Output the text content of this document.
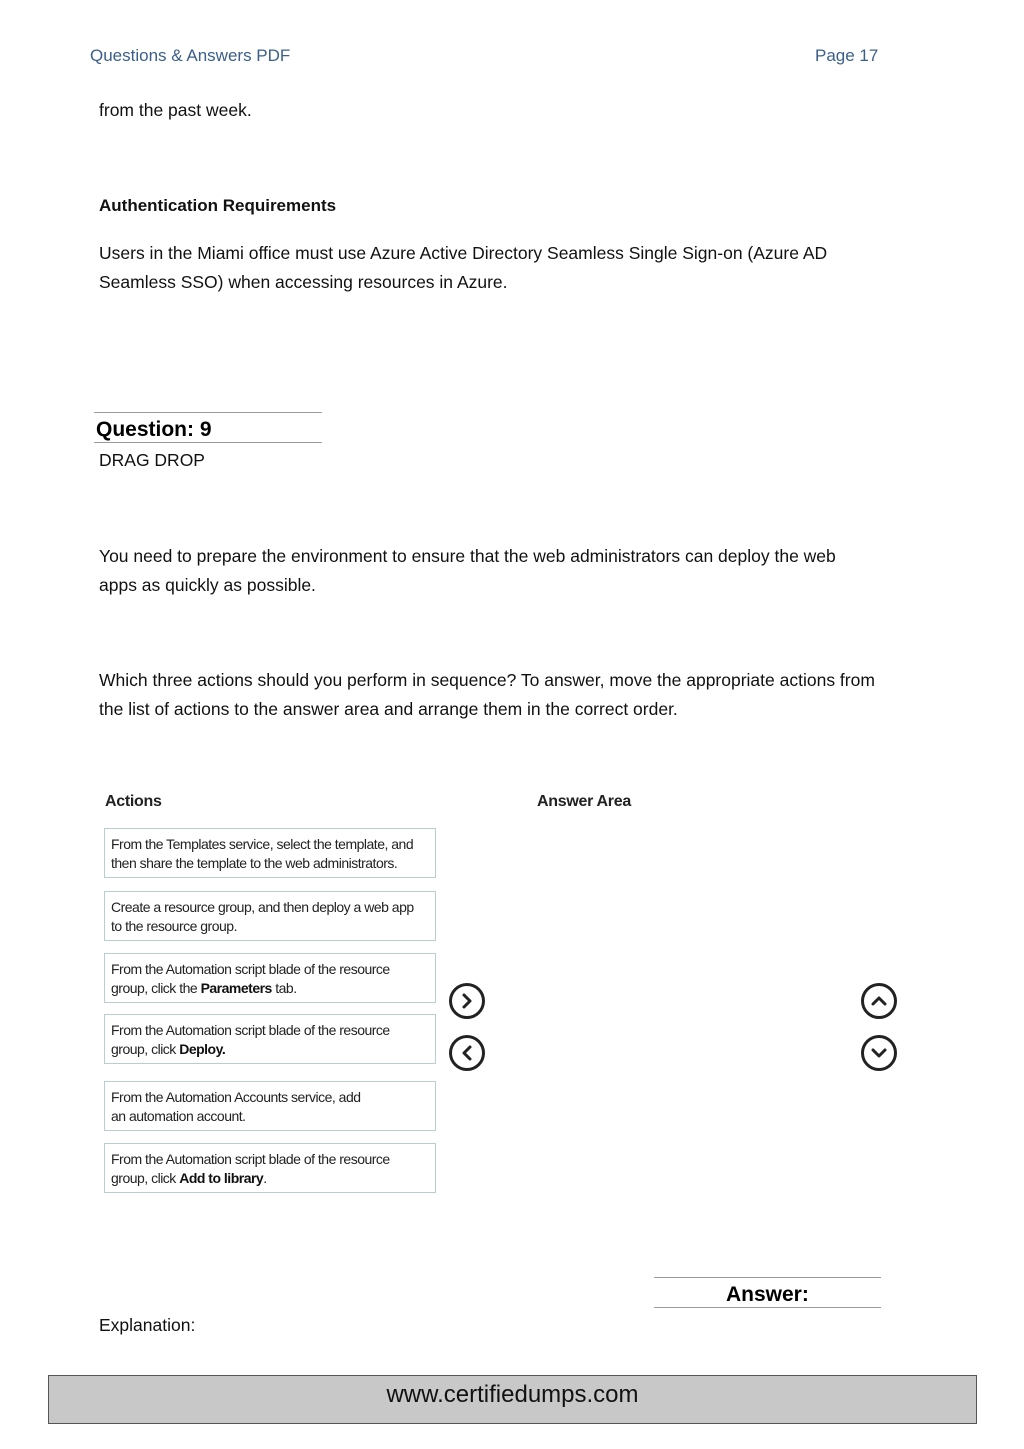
Questions & Answers PDF	Page 17
from the past week.
Authentication Requirements
Users in the Miami office must use Azure Active Directory Seamless Single Sign-on (Azure AD
Seamless SSO) when accessing resources in Azure.
Question: 9
DRAG DROP
You need to prepare the environment to ensure that the web administrators can deploy the web
apps as quickly as possible.
Which three actions should you perform in sequence? To answer, move the appropriate actions from
the list of actions to the answer area and arrange them in the correct order.
Actions	Answer Area
From the Templates service, select the template, and
then share the template to the web administrators.
Create a resource group, and then deploy a web app
to the resource group.
From the Automation script blade of the resource
group, click the Parameters tab.
From the Automation script blade of the resource
group, click Deploy.
From the Automation Accounts service, add
an automation account.
From the Automation script blade of the resource
group, click Add to library.
Answer:
Explanation:
www.certifiedumps.com
